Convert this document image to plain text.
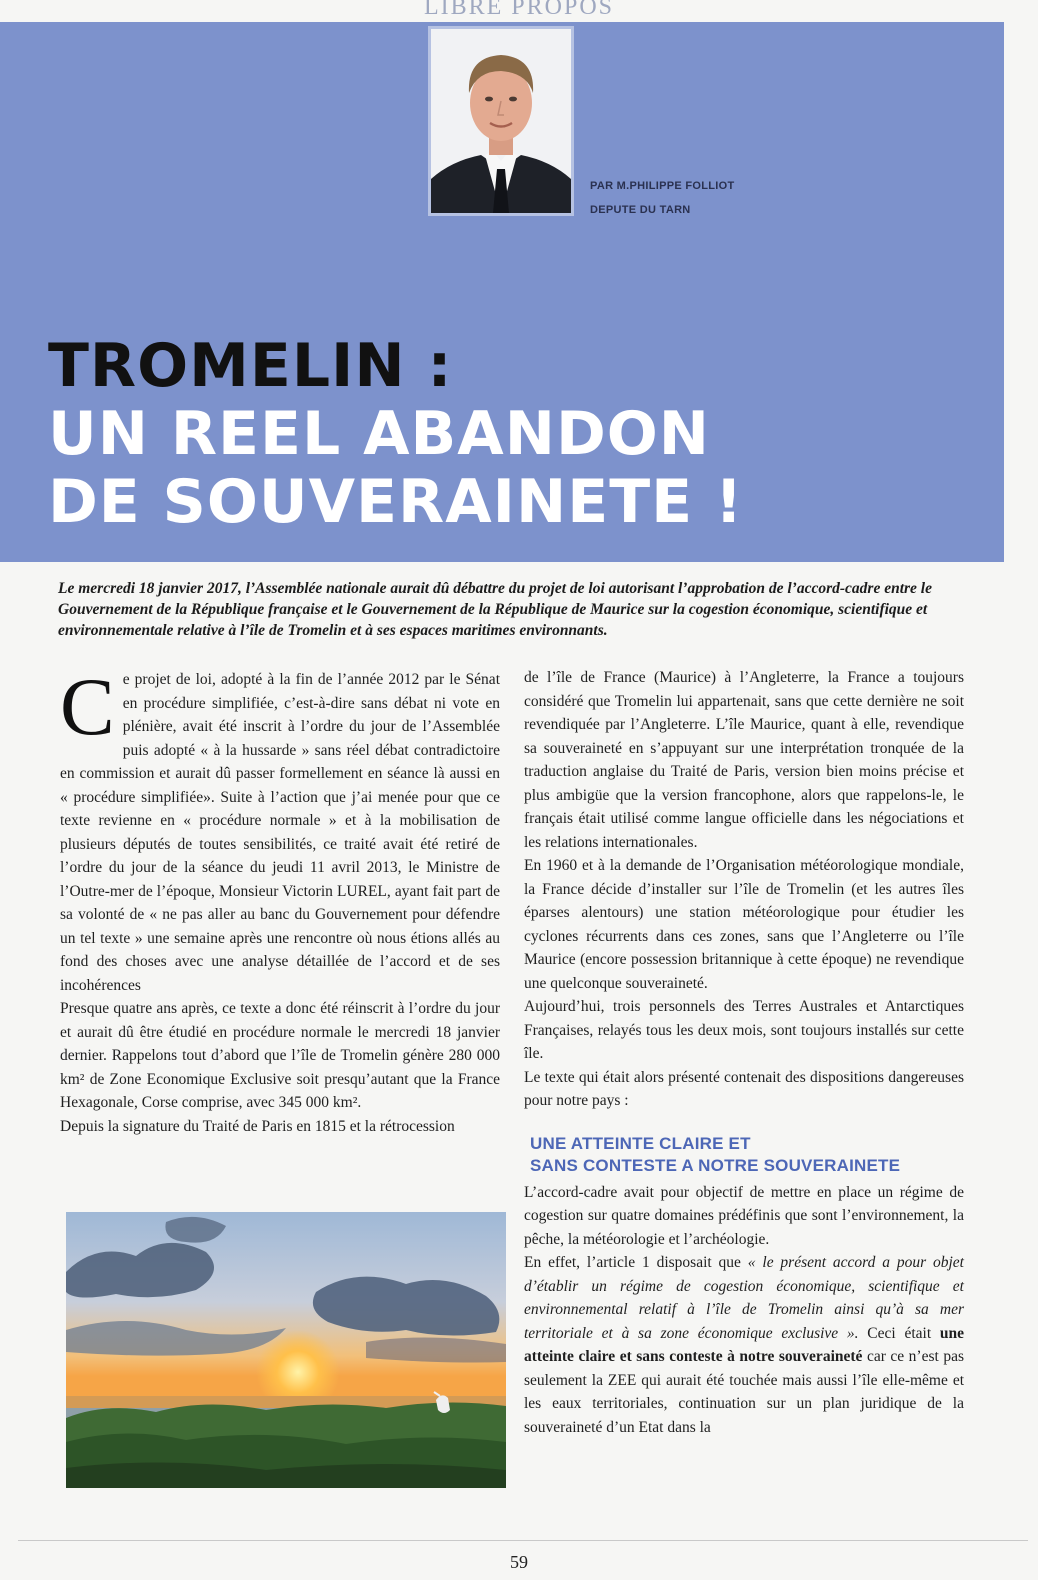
LIBRE PROPOS
PAR M.PHILIPPE FOLLIOT
DEPUTE DU TARN
TROMELIN :
UN REEL ABANDON
DE SOUVERAINETE !

Le mercredi 18 janvier 2017, l’Assemblée nationale aurait dû débattre du projet de loi autorisant l’approbation de l’accord-cadre entre le Gouvernement de la République française et le Gouvernement de la République de Maurice sur la cogestion économique, scientifique et environnementale relative à l’île de Tromelin et à ses espaces maritimes environnants.

C e projet de loi, adopté à la fin de l’année 2012 par le Sénat en procédure simplifiée, c’est-à-dire sans débat ni vote en plénière, avait été inscrit à l’ordre du jour de l’Assemblée puis adopté « à la hussarde » sans réel débat contradictoire en commission et aurait dû passer formellement en séance là aussi en « procédure simplifiée». Suite à l’action que j’ai menée pour que ce texte revienne en « procédure normale » et à la mobilisation de plusieurs députés de toutes sensibilités, ce traité avait été retiré de l’ordre du jour de la séance du jeudi 11 avril 2013, le Ministre de l’Outre-mer de l’époque, Monsieur Victorin LUREL, ayant fait part de sa volonté de « ne pas aller au banc du Gouvernement pour défendre un tel texte » une semaine après une rencontre où nous étions allés au fond des choses avec une analyse détaillée de l’accord et de ses incohérences

Presque quatre ans après, ce texte a donc été réinscrit à l’ordre du jour et aurait dû être étudié en procédure normale le mercredi 18 janvier dernier. Rappelons tout d’abord que l’île de Tromelin génère 280 000 km² de Zone Economique Exclusive soit presqu’autant que la France Hexagonale, Corse comprise, avec 345 000 km².

Depuis la signature du Traité de Paris en 1815 et la rétrocession

de l’île de France (Maurice) à l’Angleterre, la France a toujours considéré que Tromelin lui appartenait, sans que cette dernière ne soit revendiquée par l’Angleterre. L’île Maurice, quant à elle, revendique sa souveraineté en s’appuyant sur une interprétation tronquée de la traduction anglaise du Traité de Paris, version bien moins précise et plus ambigüe que la version francophone, alors que rappelons-le, le français était utilisé comme langue officielle dans les négociations et les relations internationales.

En 1960 et à la demande de l’Organisation météorologique mondiale, la France décide d’installer sur l’île de Tromelin (et les autres îles éparses alentours) une station météorologique pour étudier les cyclones récurrents dans ces zones, sans que l’Angleterre ou l’île Maurice (encore possession britannique à cette époque) ne revendique une quelconque souveraineté.

Aujourd’hui, trois personnels des Terres Australes et Antarctiques Françaises, relayés tous les deux mois, sont toujours installés sur cette île.

Le texte qui était alors présenté contenait des dispositions dangereuses pour notre pays :

UNE ATTEINTE CLAIRE ET
SANS CONTESTE A NOTRE SOUVERAINETE

L’accord-cadre avait pour objectif de mettre en place un régime de cogestion sur quatre domaines prédéfinis que sont l’environnement, la pêche, la météorologie et l’archéologie.

En effet, l’article 1 disposait que « le présent accord a pour objet d’établir un régime de cogestion économique, scientifique et environnemental relatif à l’île de Tromelin ainsi qu’à sa mer territoriale et à sa zone économique exclusive ». Ceci était une atteinte claire et sans conteste à notre souveraineté car ce n’est pas seulement la ZEE qui aurait été touchée mais aussi l’île elle-même et les eaux territoriales, continuation sur un plan juridique de la souveraineté d’un Etat dans la

59
